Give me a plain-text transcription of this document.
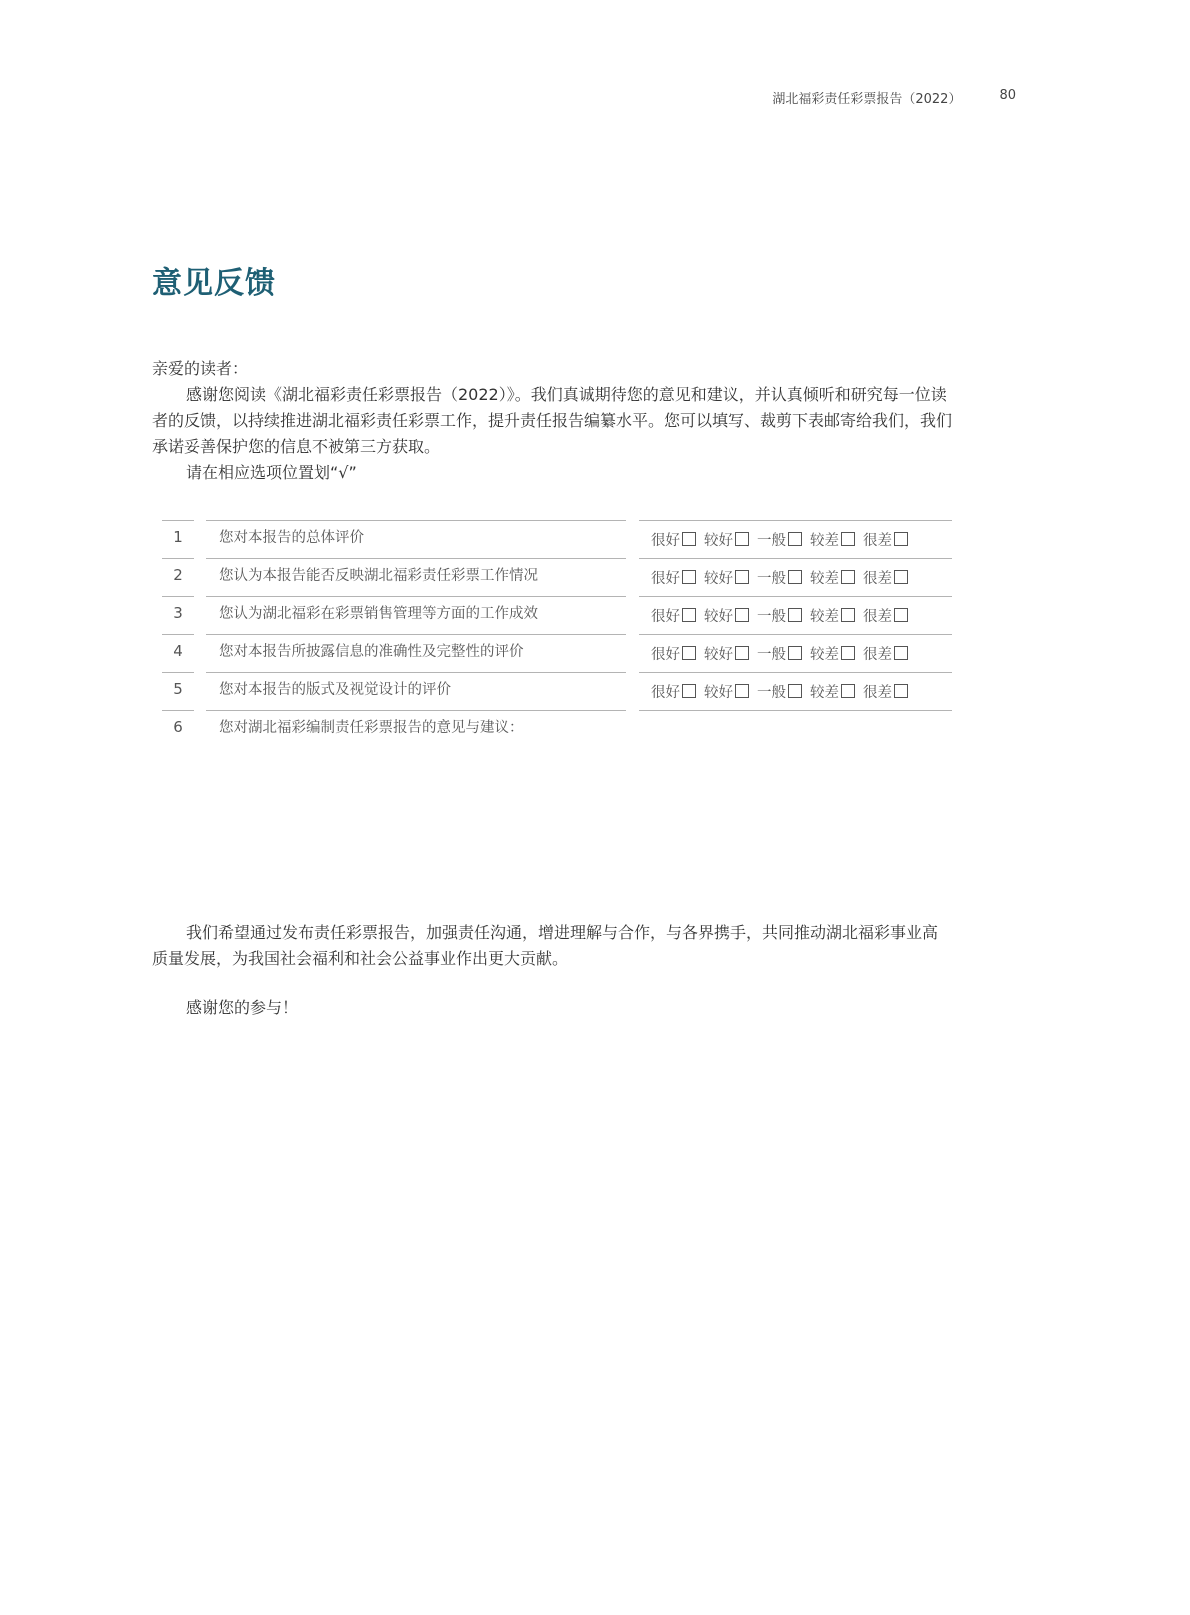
湖北福彩责任彩票报告（2022）	80
意见反馈

亲爱的读者：

感谢您阅读《湖北福彩责任彩票报告（2022）》。我们真诚期待您的意见和建议，并认真倾听和研究每一位读者的反馈，以持续推进湖北福彩责任彩票工作，提升责任报告编纂水平。您可以填写、裁剪下表邮寄给我们，我们承诺妥善保护您的信息不被第三方获取。

请在相应选项位置划“√”

1	您对本报告的总体评价	很好 较好 一般 较差 很差
2	您认为本报告能否反映湖北福彩责任彩票工作情况	很好 较好 一般 较差 很差
3	您认为湖北福彩在彩票销售管理等方面的工作成效	很好 较好 一般 较差 很差
4	您对本报告所披露信息的准确性及完整性的评价	很好 较好 一般 较差 很差
5	您对本报告的版式及视觉设计的评价	很好 较好 一般 较差 很差
6	您对湖北福彩编制责任彩票报告的意见与建议：

我们希望通过发布责任彩票报告，加强责任沟通，增进理解与合作，与各界携手，共同推动湖北福彩事业高质量发展，为我国社会福利和社会公益事业作出更大贡献。

感谢您的参与！
